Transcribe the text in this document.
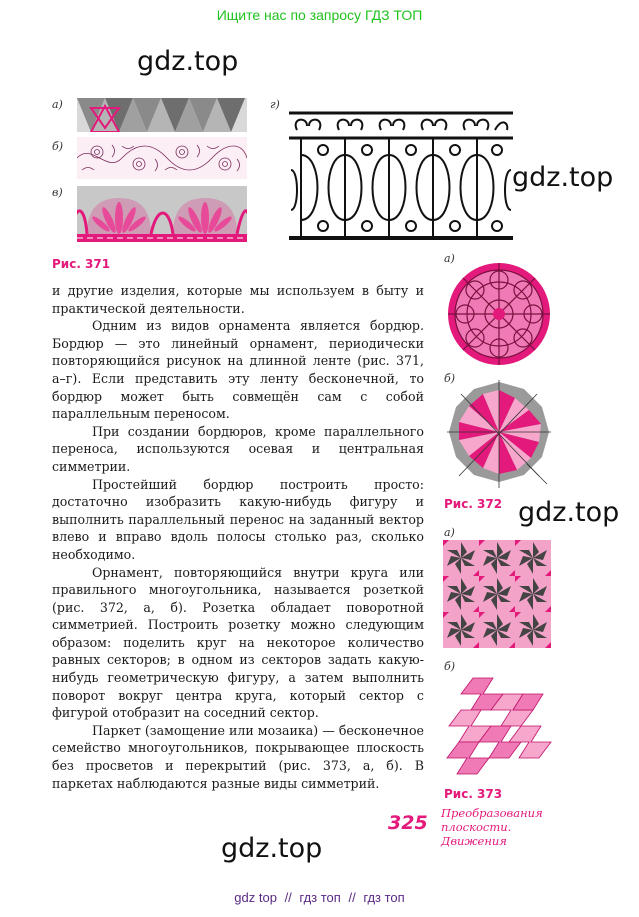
Ищите нас по запросу ГДЗ ТОП
gdz.top
gdz.top
gdz.top
gdz.top
а)
б)
в)
г)
Рис. 371	а)
б)
Рис. 372
а)
б)
Рис. 373

и другие изделия, которые мы используем в быту и практической деятельности.

Одним из видов орнамента является бордюр. Бордюр — это линейный орнамент, периодически повторяющийся рисунок на длинной ленте (рис. 371, а–г). Если представить эту ленту бесконечной, то бордюр может быть совмещён сам с собой параллельным переносом.

При создании бордюров, кроме параллельного переноса, используются осевая и центральная симметрии.

Простейший бордюр построить просто: достаточно изобразить какую-нибудь фигуру и выполнить параллельный перенос на заданный вектор влево и вправо вдоль полосы столько раз, сколько необходимо.

Орнамент, повторяющийся внутри круга или правильного многоугольника, называется розеткой (рис. 372, а, б). Розетка обладает поворотной симметрией. Построить розетку можно следующим образом: поделить круг на некоторое количество равных секторов; в одном из секторов задать какую-нибудь геометрическую фигуру, а затем выполнить поворот вокруг центра круга, который сектор с фигурой отобразит на соседний сектор.

Паркет (замощение или мозаика) — бесконечное семейство многоугольников, покрывающее плоскость без просветов и перекрытий (рис. 373, а, б). В паркетах наблюдаются разные виды симметрий.

325 Преобразования
плоскости.
Движения
gdz top // гдз топ // гдз топ
